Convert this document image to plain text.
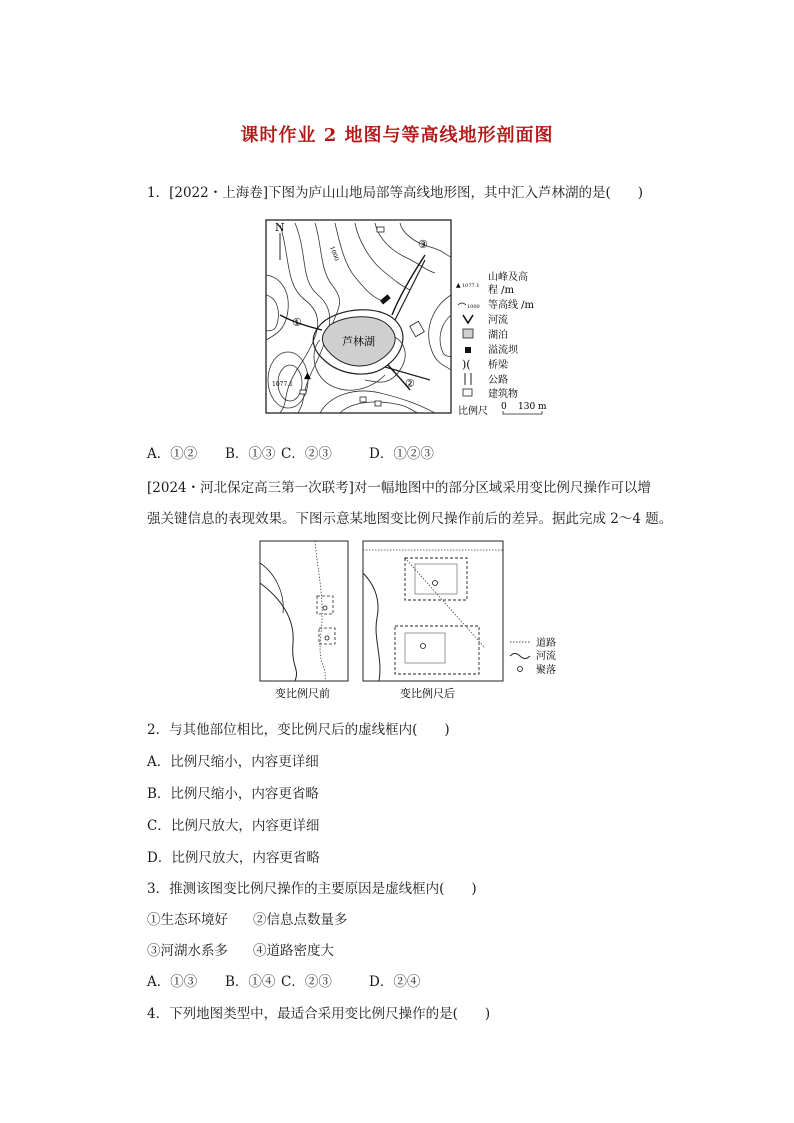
课时作业 2 地图与等高线地形剖面图
1．[2022・上海卷]下图为庐山山地局部等高线地形图，其中汇入芦林湖的是(　　)
N
芦林湖
▲
1077.1
1000
①
②
③
▲ 1077.1
山峰及高
程 /m
1000 等高线 /m
河流
湖泊
溢流坝
)( 桥梁
公路
建筑物
比例尺 0 130 m
A．①② B．①③ C．②③	D．①②③
[2024・河北保定高三第一次联考]对一幅地图中的部分区域采用变比例尺操作可以增
强关键信息的表现效果。下图示意某地图变比例尺操作前后的差异。据此完成 2～4 题。
变比例尺前	变比例尺后
道路
河流
聚落
2．与其他部位相比，变比例尺后的虚线框内(　　)
A．比例尺缩小，内容更详细
B．比例尺缩小，内容更省略
C．比例尺放大，内容更详细
D．比例尺放大，内容更省略
3．推测该图变比例尺操作的主要原因是虚线框内(　　)
①生态环境好 ②信息点数量多
③河湖水系多 ④道路密度大
A．①③ B．①④ C．②③	D．②④
4．下列地图类型中，最适合采用变比例尺操作的是(　　)
